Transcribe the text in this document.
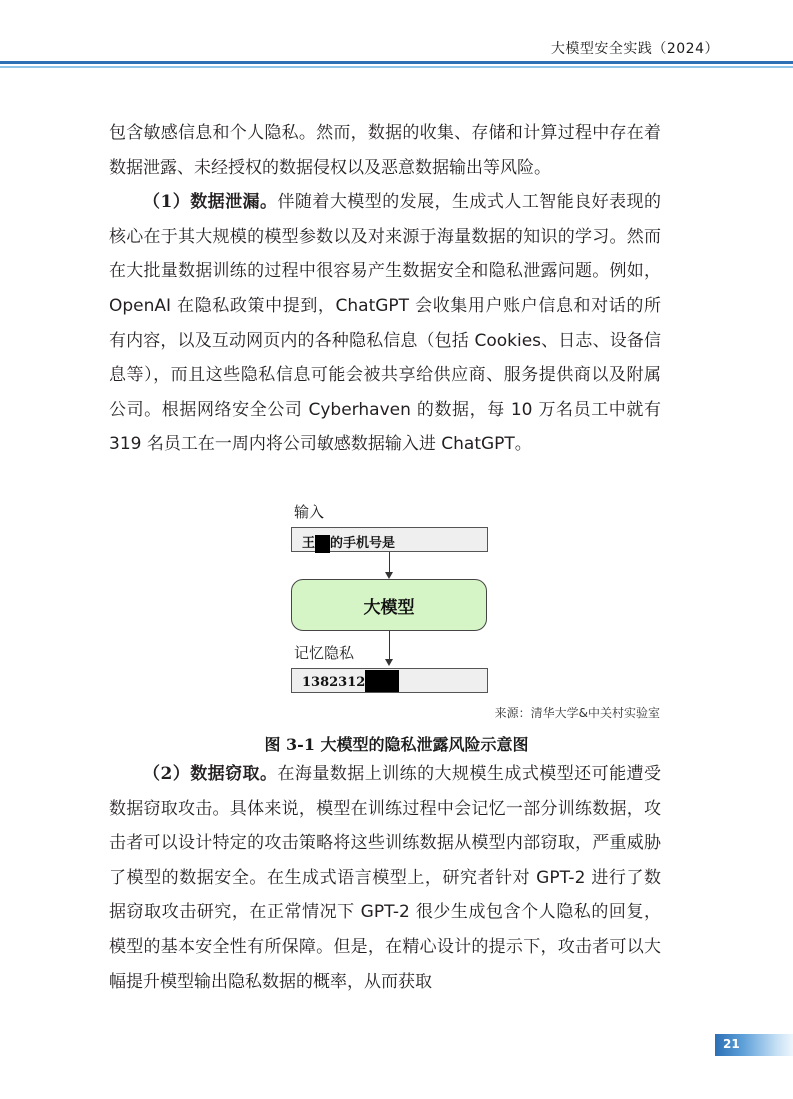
大模型安全实践（2024）

包含敏感信息和个人隐私。然而，数据的收集、存储和计算过程中存在着数据泄露、未经授权的数据侵权以及恶意数据输出等风险。

（1）数据泄漏。伴随着大模型的发展，生成式人工智能良好表现的核心在于其大规模的模型参数以及对来源于海量数据的知识的学习。然而在大批量数据训练的过程中很容易产生数据安全和隐私泄露问题。例如，OpenAI 在隐私政策中提到，ChatGPT 会收集用户账户信息和对话的所有内容，以及互动网页内的各种隐私信息（包括 Cookies、日志、设备信息等），而且这些隐私信息可能会被共享给供应商、服务提供商以及附属公司。根据网络安全公司 Cyberhaven 的数据，每 10 万名员工中就有 319 名员工在一周内将公司敏感数据输入进 ChatGPT。

输入
王 的手机号是
大模型
记忆隐私
1382312
来源：清华大学&中关村实验室
图 3-1 大模型的隐私泄露风险示意图

（2）数据窃取。在海量数据上训练的大规模生成式模型还可能遭受数据窃取攻击。具体来说，模型在训练过程中会记忆一部分训练数据，攻击者可以设计特定的攻击策略将这些训练数据从模型内部窃取，严重威胁了模型的数据安全。在生成式语言模型上，研究者针对 GPT-2 进行了数据窃取攻击研究，在正常情况下 GPT-2 很少生成包含个人隐私的回复，模型的基本安全性有所保障。但是，在精心设计的提示下，攻击者可以大幅提升模型输出隐私数据的概率，从而获取

21
